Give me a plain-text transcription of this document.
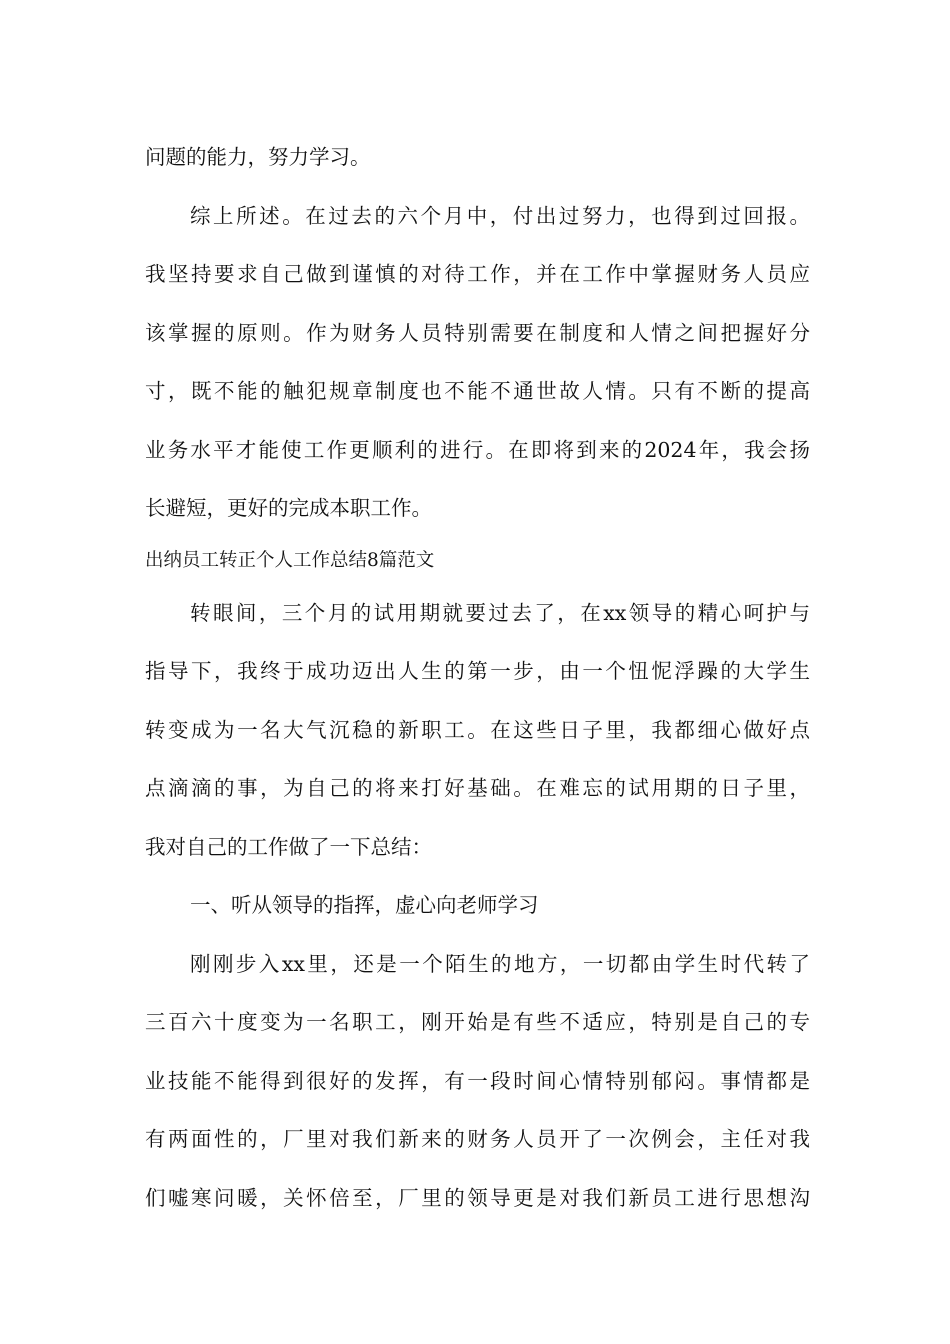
问题的能力，努力学习。
综上所述。在过去的六个月中，付出过努力，也得到过回报。
我坚持要求自己做到谨慎的对待工作，并在工作中掌握财务人员应
该掌握的原则。作为财务人员特别需要在制度和人情之间把握好分
寸，既不能的触犯规章制度也不能不通世故人情。只有不断的提高
业务水平才能使工作更顺利的进行。在即将到来的2024年，我会扬
长避短，更好的完成本职工作。
出纳员工转正个人工作总结8篇范文
转眼间，三个月的试用期就要过去了，在xx领导的精心呵护与
指导下，我终于成功迈出人生的第一步，由一个忸怩浮躁的大学生
转变成为一名大气沉稳的新职工。在这些日子里，我都细心做好点
点滴滴的事，为自己的将来打好基础。在难忘的试用期的日子里，
我对自己的工作做了一下总结：
一、听从领导的指挥，虚心向老师学习
刚刚步入xx里，还是一个陌生的地方，一切都由学生时代转了
三百六十度变为一名职工，刚开始是有些不适应，特别是自己的专
业技能不能得到很好的发挥，有一段时间心情特别郁闷。事情都是
有两面性的，厂里对我们新来的财务人员开了一次例会，主任对我
们嘘寒问暖，关怀倍至，厂里的领导更是对我们新员工进行思想沟
